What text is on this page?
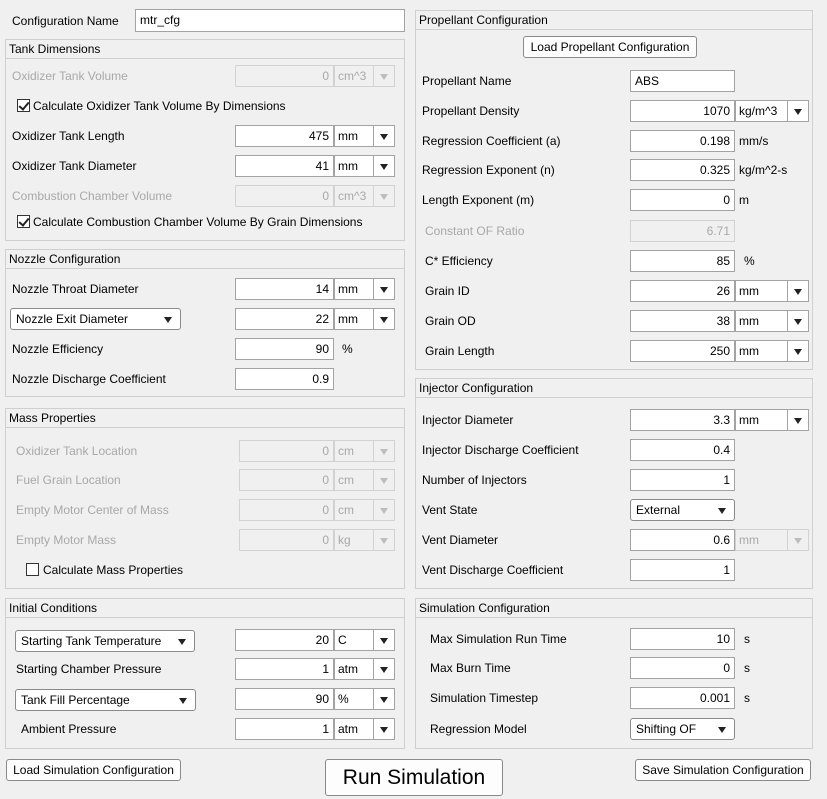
Configuration Name	mtr_cfg
Tank Dimensions
Oxidizer Tank Volume	0 cm^3
Calculate Oxidizer Tank Volume By Dimensions
Oxidizer Tank Length	475 mm
Oxidizer Tank Diameter	41 mm
Combustion Chamber Volume	0 cm^3
Calculate Combustion Chamber Volume By Grain Dimensions
Nozzle Configuration
Nozzle Throat Diameter	14 mm
Nozzle Exit Diameter	22 mm
Nozzle Efficiency	90	%
Nozzle Discharge Coefficient	0.9
Mass Properties
Oxidizer Tank Location	0 cm
Fuel Grain Location	0 cm
Empty Motor Center of Mass	0 cm
Empty Motor Mass	0 kg
Calculate Mass Properties
Initial Conditions
Starting Tank Temperature	20 C
Starting Chamber Pressure	1 atm
Tank Fill Percentage	90 %
Ambient Pressure	1 atm
Propellant Configuration
Load Propellant Configuration
Propellant Name	ABS
Propellant Density	1070 kg/m^3
Regression Coefficient (a)	0.198 mm/s
Regression Exponent (n)	0.325 kg/m^2-s
Length Exponent (m)	0 m
Constant OF Ratio	6.71
C* Efficiency	85	%
Grain ID	26 mm
Grain OD	38 mm
Grain Length	250 mm
Injector Configuration
Injector Diameter	3.3 mm
Injector Discharge Coefficient	0.4
Number of Injectors	1
Vent State	External
Vent Diameter	0.6 mm
Vent Discharge Coefficient	1
Simulation Configuration
Max Simulation Run Time	10	s
Max Burn Time	0	s
Simulation Timestep	0.001	s
Regression Model	Shifting OF
Load Simulation Configuration	Run Simulation	Save Simulation Configuration
